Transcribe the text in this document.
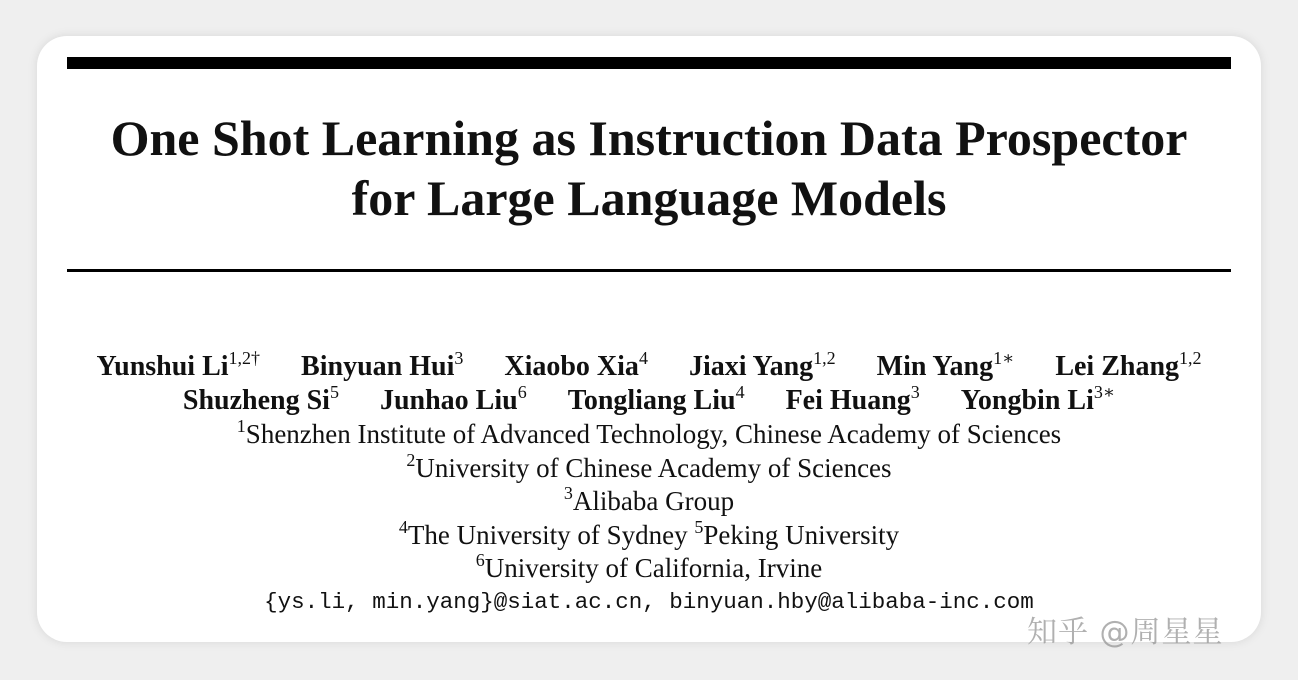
One Shot Learning as Instruction Data Prospector
for Large Language Models
Yunshui $Li^{1,2\dagger}$ Binyuan Hui$^3$ Xiaobo Xia$^4$ Jiaxi Yang$^{1,2}$ Min Yang$^{1∗}$ Lei Zhang$^{1,2}$
Shuzheng Si$^5$ Junhao Liu$^6$ Tongliang Liu$^4$ Fei Huang$^3$ Yongbin $Li^{3∗}$
$^1$Shenzhen Institute of Advanced Technology, Chinese Academy of Sciences
$^2$University of Chinese Academy of Sciences
$^3$Alibaba Group
$^4$The University of Sydney $^5$Peking University
$^6$University of California, Irvine
{ys.li, min.yang}@siat.ac.cn, binyuan.hby@alibaba-inc.com
知乎 @周星星
